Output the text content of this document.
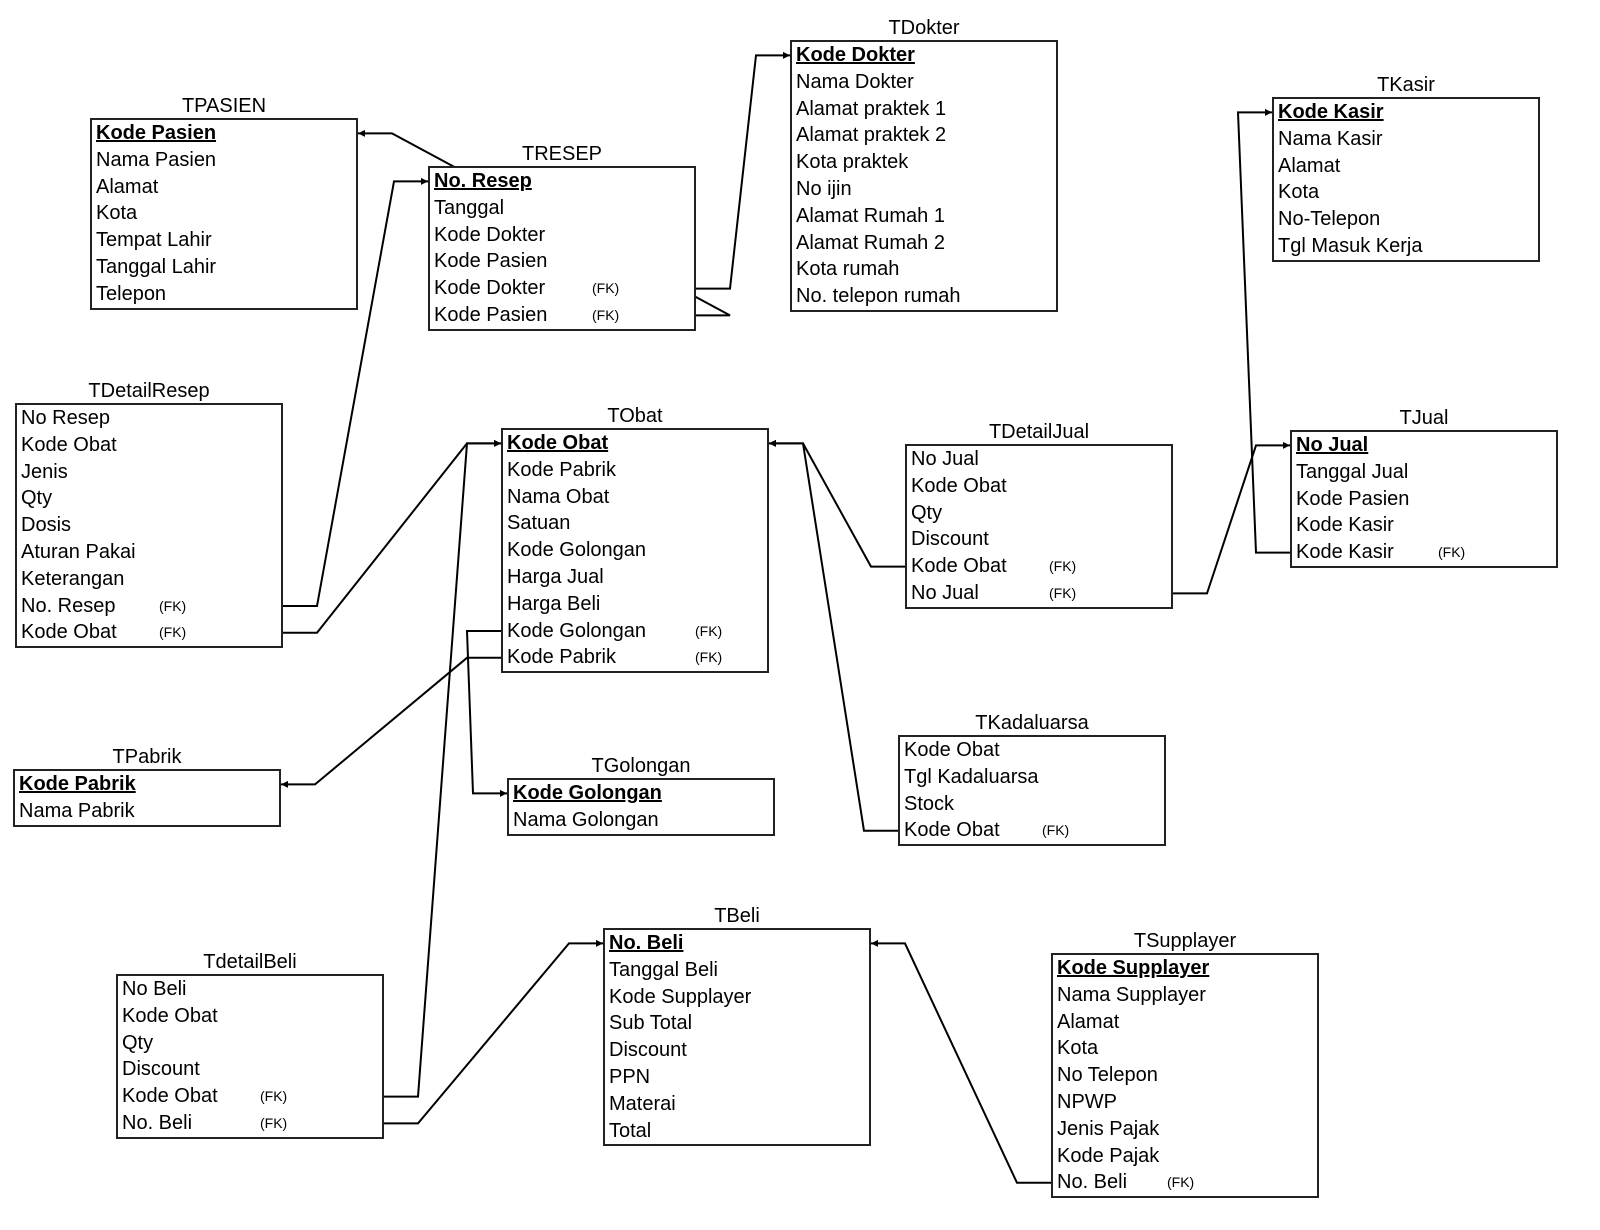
TPASIEN
Kode Pasien
Nama Pasien
Alamat
Kota
Tempat Lahir
Tanggal Lahir
Telepon
TRESEP
No. Resep
Tanggal
Kode Dokter
Kode Pasien
Kode Dokter	(FK)
Kode Pasien	(FK)
TDokter
Kode Dokter
Nama Dokter
Alamat praktek 1
Alamat praktek 2
Kota praktek
No ijin
Alamat Rumah 1
Alamat Rumah 2
Kota rumah
No. telepon rumah
TKasir
Kode Kasir
Nama Kasir
Alamat
Kota
No-Telepon
Tgl Masuk Kerja
TDetailResep
No Resep
Kode Obat
Jenis
Qty
Dosis
Aturan Pakai
Keterangan
No. Resep	(FK)
Kode Obat	(FK)
TObat
Kode Obat
Kode Pabrik
Nama Obat
Satuan
Kode Golongan
Harga Jual
Harga Beli
Kode Golongan	(FK)
Kode Pabrik	(FK)
TDetailJual
No Jual
Kode Obat
Qty
Discount
Kode Obat	(FK)
No Jual	(FK)
TJual
No Jual
Tanggal Jual
Kode Pasien
Kode Kasir
Kode Kasir	(FK)
TPabrik
Kode Pabrik
Nama Pabrik
TGolongan
Kode Golongan
Nama Golongan
TKadaluarsa
Kode Obat
Tgl Kadaluarsa
Stock
Kode Obat	(FK)
TBeli
No. Beli
Tanggal Beli
Kode Supplayer
Sub Total
Discount
PPN
Materai
Total
TdetailBeli
No Beli
Kode Obat
Qty
Discount
Kode Obat	(FK)
No. Beli	(FK)
TSupplayer
Kode Supplayer
Nama Supplayer
Alamat
Kota
No Telepon
NPWP
Jenis Pajak
Kode Pajak
No. Beli	(FK)
